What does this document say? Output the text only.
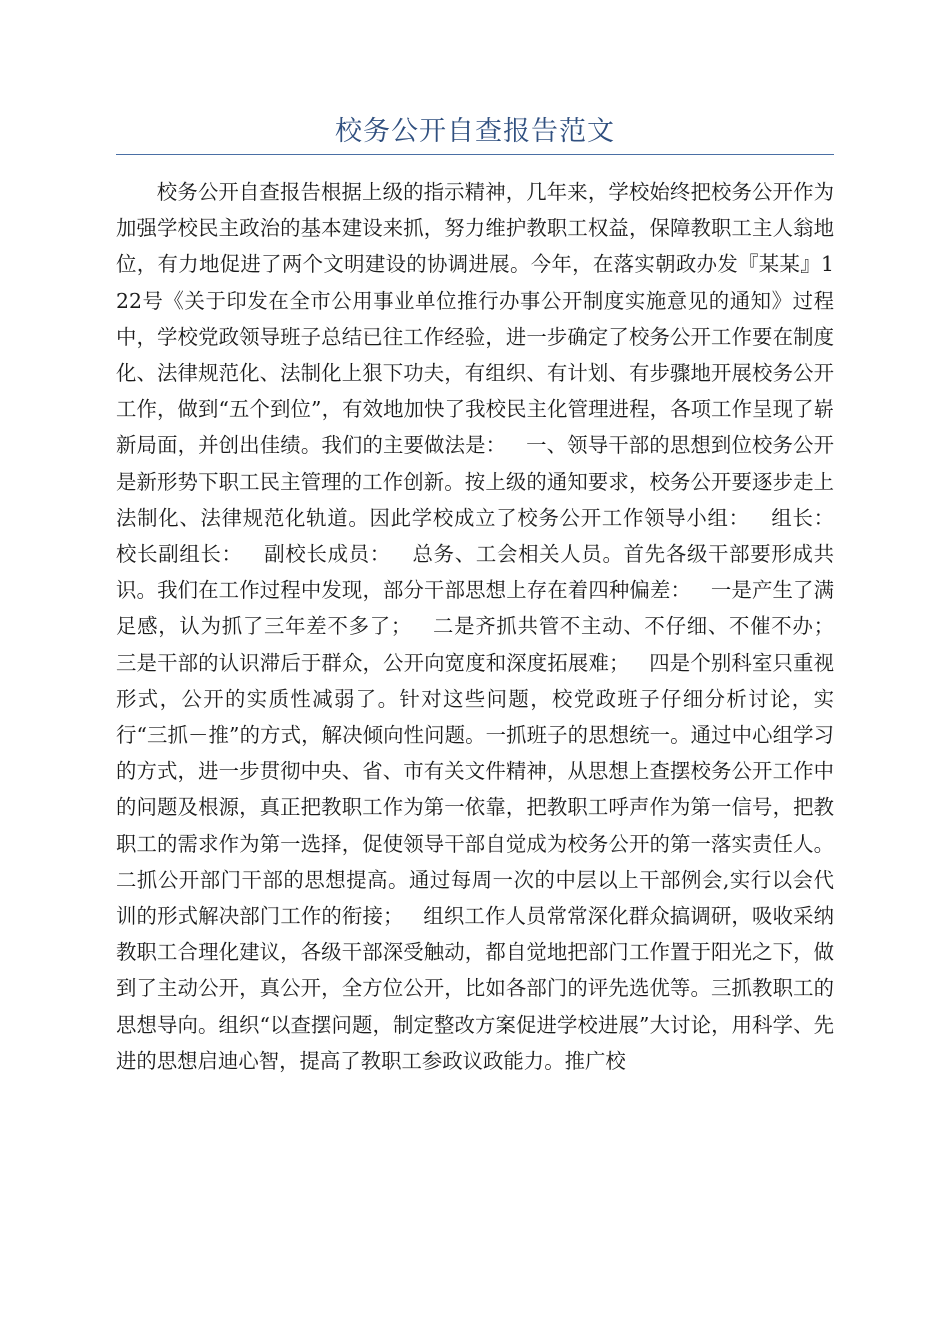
校务公开自查报告范文

校务公开自查报告根据上级的指示精神，几年来，学校始终把校务公开作为加强学校民主政治的基本建设来抓，努力维护教职工权益，保障教职工主人翁地位，有力地促进了两个文明建设的协调进展。今年，在落实朝政办发『某某』122号《关于印发在全市公用事业单位推行办事公开制度实施意见的通知》过程中，学校党政领导班子总结已往工作经验，进一步确定了校务公开工作要在制度化、法律规范化、法制化上狠下功夫，有组织、有计划、有步骤地开展校务公开工作，做到“五个到位”，有效地加快了我校民主化管理进程，各项工作呈现了崭新局面，并创出佳绩。我们的主要做法是：   一、领导干部的思想到位校务公开是新形势下职工民主管理的工作创新。按上级的通知要求，校务公开要逐步走上法制化、法律规范化轨道。因此学校成立了校务公开工作领导小组：   组长：   校长副组长：   副校长成员：   总务、工会相关人员。首先各级干部要形成共识。我们在工作过程中发现，部分干部思想上存在着四种偏差：   一是产生了满足感，认为抓了三年差不多了；   二是齐抓共管不主动、不仔细、不催不办；   三是干部的认识滞后于群众，公开向宽度和深度拓展难；   四是个别科室只重视形式，公开的实质性减弱了。针对这些问题，校党政班子仔细分析讨论，实行“三抓－推”的方式，解决倾向性问题。一抓班子的思想统一。通过中心组学习的方式，进一步贯彻中央、省、市有关文件精神，从思想上查摆校务公开工作中的问题及根源，真正把教职工作为第一依靠，把教职工呼声作为第一信号，把教职工的需求作为第一选择，促使领导干部自觉成为校务公开的第一落实责任人。二抓公开部门干部的思想提高。通过每周一次的中层以上干部例会,实行以会代训的形式解决部门工作的衔接；   组织工作人员常常深化群众搞调研，吸收采纳教职工合理化建议，各级干部深受触动，都自觉地把部门工作置于阳光之下，做到了主动公开，真公开，全方位公开，比如各部门的评先选优等。三抓教职工的思想导向。组织“以查摆问题，制定整改方案促进学校进展”大讨论，用科学、先进的思想启迪心智，提高了教职工参政议政能力。推广校
